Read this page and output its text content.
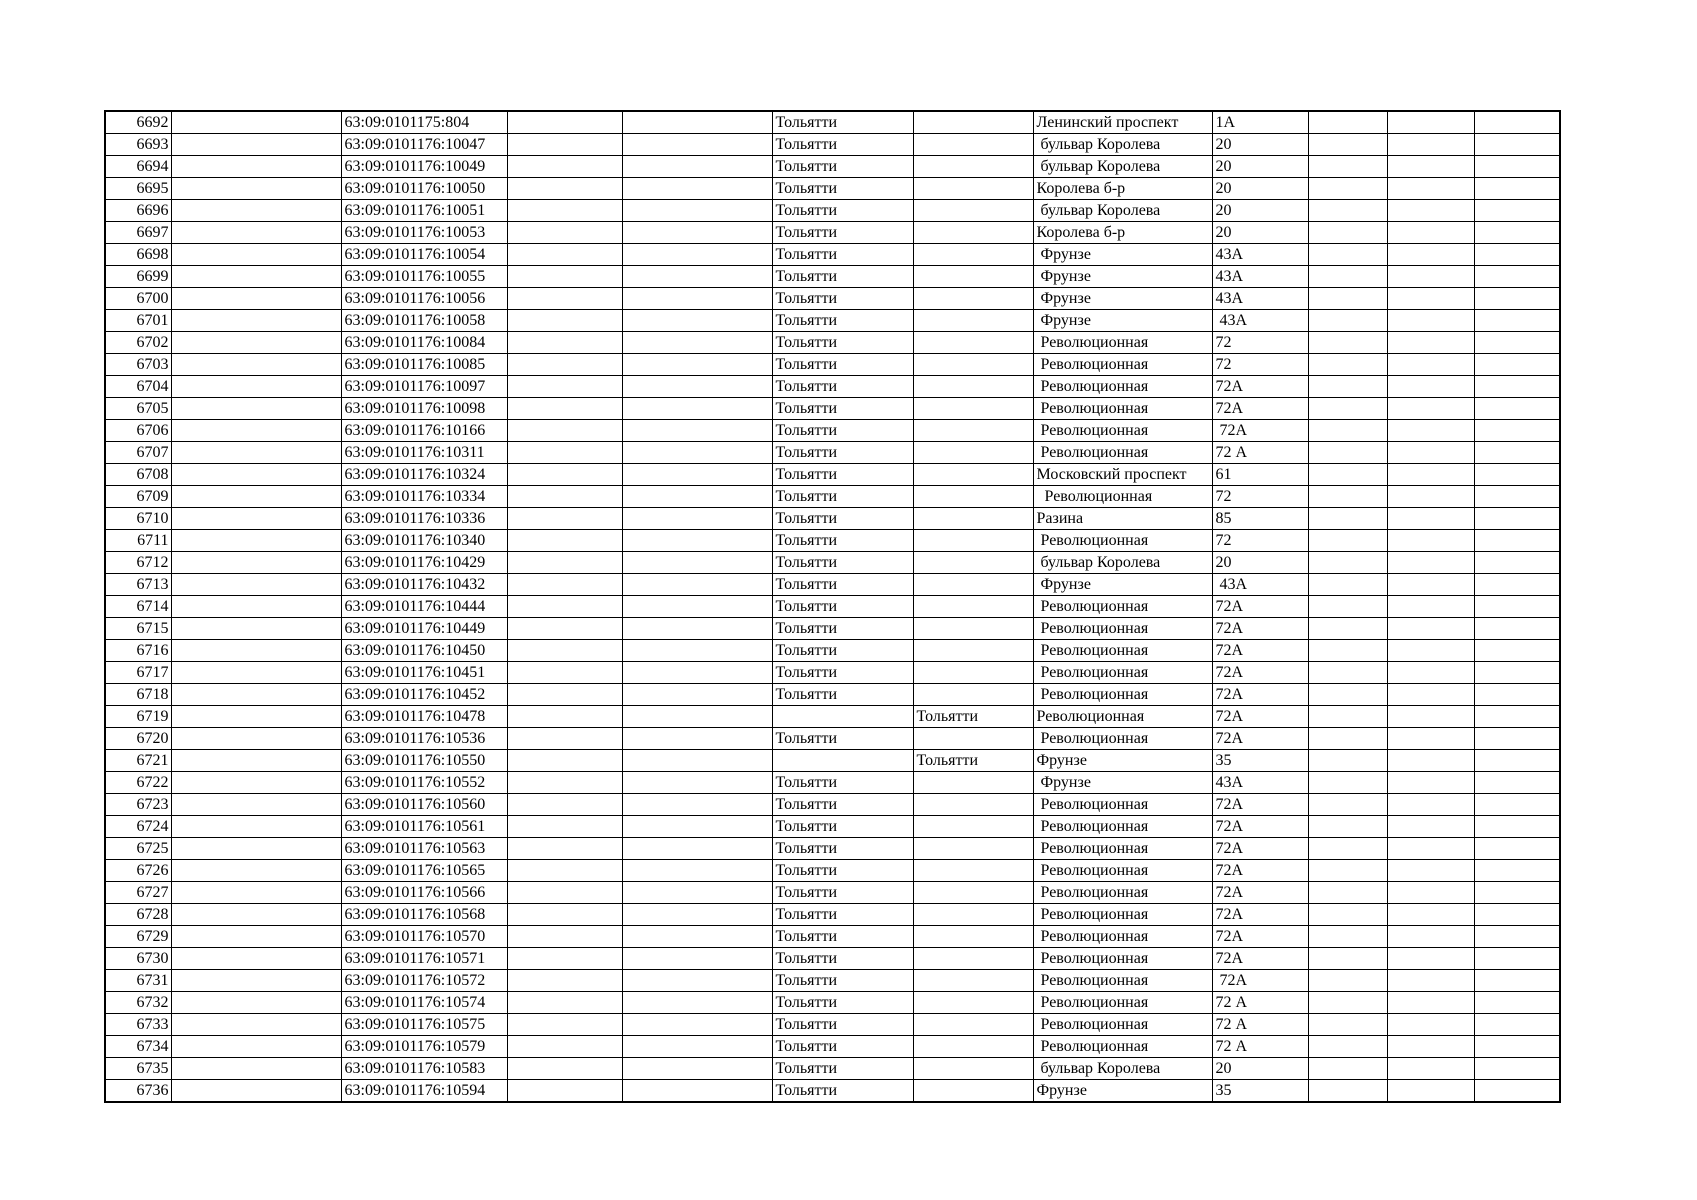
6692		63:09:0101175:804			Тольятти		Ленинский проспект	1А			
6693		63:09:0101176:10047			Тольятти		бульвар Королева	20			
6694		63:09:0101176:10049			Тольятти		бульвар Королева	20			
6695		63:09:0101176:10050			Тольятти		Королева б-р	20			
6696		63:09:0101176:10051			Тольятти		бульвар Королева	20			
6697		63:09:0101176:10053			Тольятти		Королева б-р	20			
6698		63:09:0101176:10054			Тольятти		Фрунзе	43А			
6699		63:09:0101176:10055			Тольятти		Фрунзе	43А			
6700		63:09:0101176:10056			Тольятти		Фрунзе	43А			
6701		63:09:0101176:10058			Тольятти		Фрунзе	43А			
6702		63:09:0101176:10084			Тольятти		Революционная	72			
6703		63:09:0101176:10085			Тольятти		Революционная	72			
6704		63:09:0101176:10097			Тольятти		Революционная	72А			
6705		63:09:0101176:10098			Тольятти		Революционная	72А			
6706		63:09:0101176:10166			Тольятти		Революционная	72А			
6707		63:09:0101176:10311			Тольятти		Революционная	72 А			
6708		63:09:0101176:10324			Тольятти		Московский проспект	61			
6709		63:09:0101176:10334			Тольятти		Революционная	72			
6710		63:09:0101176:10336			Тольятти		Разина	85			
6711		63:09:0101176:10340			Тольятти		Революционная	72			
6712		63:09:0101176:10429			Тольятти		бульвар Королева	20			
6713		63:09:0101176:10432			Тольятти		Фрунзе	43А			
6714		63:09:0101176:10444			Тольятти		Революционная	72А			
6715		63:09:0101176:10449			Тольятти		Революционная	72А			
6716		63:09:0101176:10450			Тольятти		Революционная	72А			
6717		63:09:0101176:10451			Тольятти		Революционная	72А			
6718		63:09:0101176:10452			Тольятти		Революционная	72А			
6719		63:09:0101176:10478				Тольятти	Революционная	72А			
6720		63:09:0101176:10536			Тольятти		Революционная	72А			
6721		63:09:0101176:10550				Тольятти	Фрунзе	35			
6722		63:09:0101176:10552			Тольятти		Фрунзе	43А			
6723		63:09:0101176:10560			Тольятти		Революционная	72А			
6724		63:09:0101176:10561			Тольятти		Революционная	72А			
6725		63:09:0101176:10563			Тольятти		Революционная	72А			
6726		63:09:0101176:10565			Тольятти		Революционная	72А			
6727		63:09:0101176:10566			Тольятти		Революционная	72А			
6728		63:09:0101176:10568			Тольятти		Революционная	72А			
6729		63:09:0101176:10570			Тольятти		Революционная	72А			
6730		63:09:0101176:10571			Тольятти		Революционная	72А			
6731		63:09:0101176:10572			Тольятти		Революционная	72А			
6732		63:09:0101176:10574			Тольятти		Революционная	72 А			
6733		63:09:0101176:10575			Тольятти		Революционная	72 А			
6734		63:09:0101176:10579			Тольятти		Революционная	72 А			
6735		63:09:0101176:10583			Тольятти		бульвар Королева	20			
6736		63:09:0101176:10594			Тольятти		Фрунзе	35			
